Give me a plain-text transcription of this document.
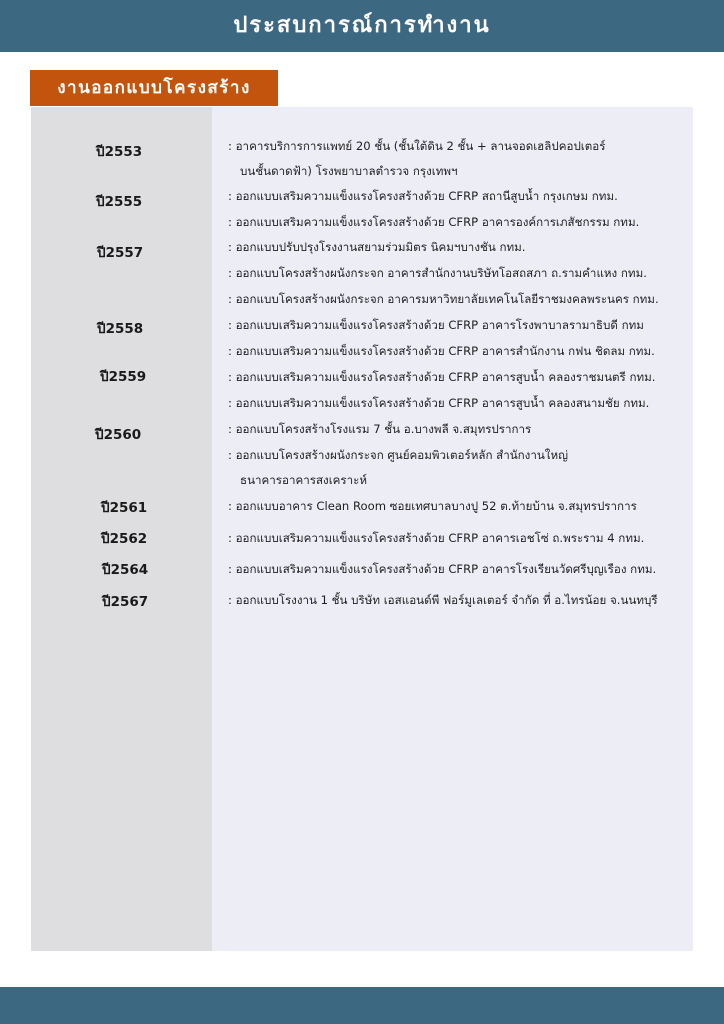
ประสบการณ์การทำงาน
งานออกแบบโครงสร้าง
ปี2553
ปี2555
ปี2557
ปี2558
ปี2559
ปี2560
ปี2561
ปี2562
ปี2564
ปี2567
: อาคารบริการการแพทย์ 20 ชั้น (ชั้นใต้ดิน 2 ชั้น + ลานจอดเฮลิปคอปเตอร์
บนชั้นดาดฟ้า) โรงพยาบาลตำรวจ กรุงเทพฯ
: ออกแบบเสริมความแข็งแรงโครงสร้างด้วย CFRP สถานีสูบน้ำ กรุงเกษม กทม.
: ออกแบบเสริมความแข็งแรงโครงสร้างด้วย CFRP อาคารองค์การเภสัชกรรม กทม.
: ออกแบบปรับปรุงโรงงานสยามร่วมมิตร นิคมฯบางชัน กทม.
: ออกแบบโครงสร้างผนังกระจก อาคารสำนักงานบริษัทโอสถสภา ถ.รามคำแหง กทม.
: ออกแบบโครงสร้างผนังกระจก อาคารมหาวิทยาลัยเทคโนโลยีราชมงคลพระนคร กทม.
: ออกแบบเสริมความแข็งแรงโครงสร้างด้วย CFRP อาคารโรงพาบาลรามาธิบดี กทม
: ออกแบบเสริมความแข็งแรงโครงสร้างด้วย CFRP อาคารสำนักงาน กฟน ชิดลม กทม.
: ออกแบบเสริมความแข็งแรงโครงสร้างด้วย CFRP อาคารสูบน้ำ คลองราชมนตรี กทม.
: ออกแบบเสริมความแข็งแรงโครงสร้างด้วย CFRP อาคารสูบน้ำ คลองสนามชัย กทม.
: ออกแบบโครงสร้างโรงแรม 7 ชั้น อ.บางพลี จ.สมุทรปราการ
: ออกแบบโครงสร้างผนังกระจก ศูนย์คอมพิวเตอร์หลัก สำนักงานใหญ่
ธนาคารอาคารสงเคราะห์
: ออกแบบอาคาร Clean Room ซอยเทศบาลบางปู 52 ต.ท้ายบ้าน จ.สมุทรปราการ
: ออกแบบเสริมความแข็งแรงโครงสร้างด้วย CFRP อาคารเอชโซ่ ถ.พระราม 4 กทม.
: ออกแบบเสริมความแข็งแรงโครงสร้างด้วย CFRP อาคารโรงเรียนวัดศรีบุญเรือง กทม.
: ออกแบบโรงงาน 1 ชั้น บริษัท เอสแอนด์พี ฟอร์มูเลเตอร์ จำกัด ที่ อ.ไทรน้อย จ.นนทบุรี
